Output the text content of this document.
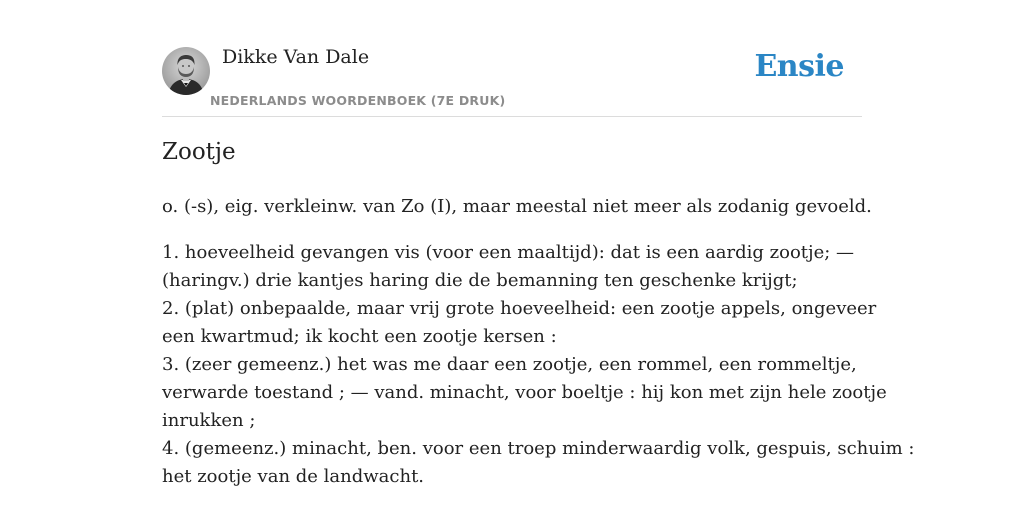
Dikke Van Dale
NEDERLANDS WOORDENBOEK (7E DRUK)
Ensie
Zootje

o. (-s), eig. verkleinw. van Zo (I), maar meestal niet meer als zodanig gevoeld.

1. hoeveelheid gevangen vis (voor een maaltijd): dat is een aardig zootje; —
(haringv.) drie kantjes haring die de bemanning ten geschenke krijgt;
2. (plat) onbepaalde, maar vrij grote hoeveelheid: een zootje appels, ongeveer
een kwartmud; ik kocht een zootje kersen :
3. (zeer gemeenz.) het was me daar een zootje, een rommel, een rommeltje,
verwarde toestand ; — vand. minacht, voor boeltje : hij kon met zijn hele zootje
inrukken ;
4. (gemeenz.) minacht, ben. voor een troep minderwaardig volk, gespuis, schuim :
het zootje van de landwacht.
